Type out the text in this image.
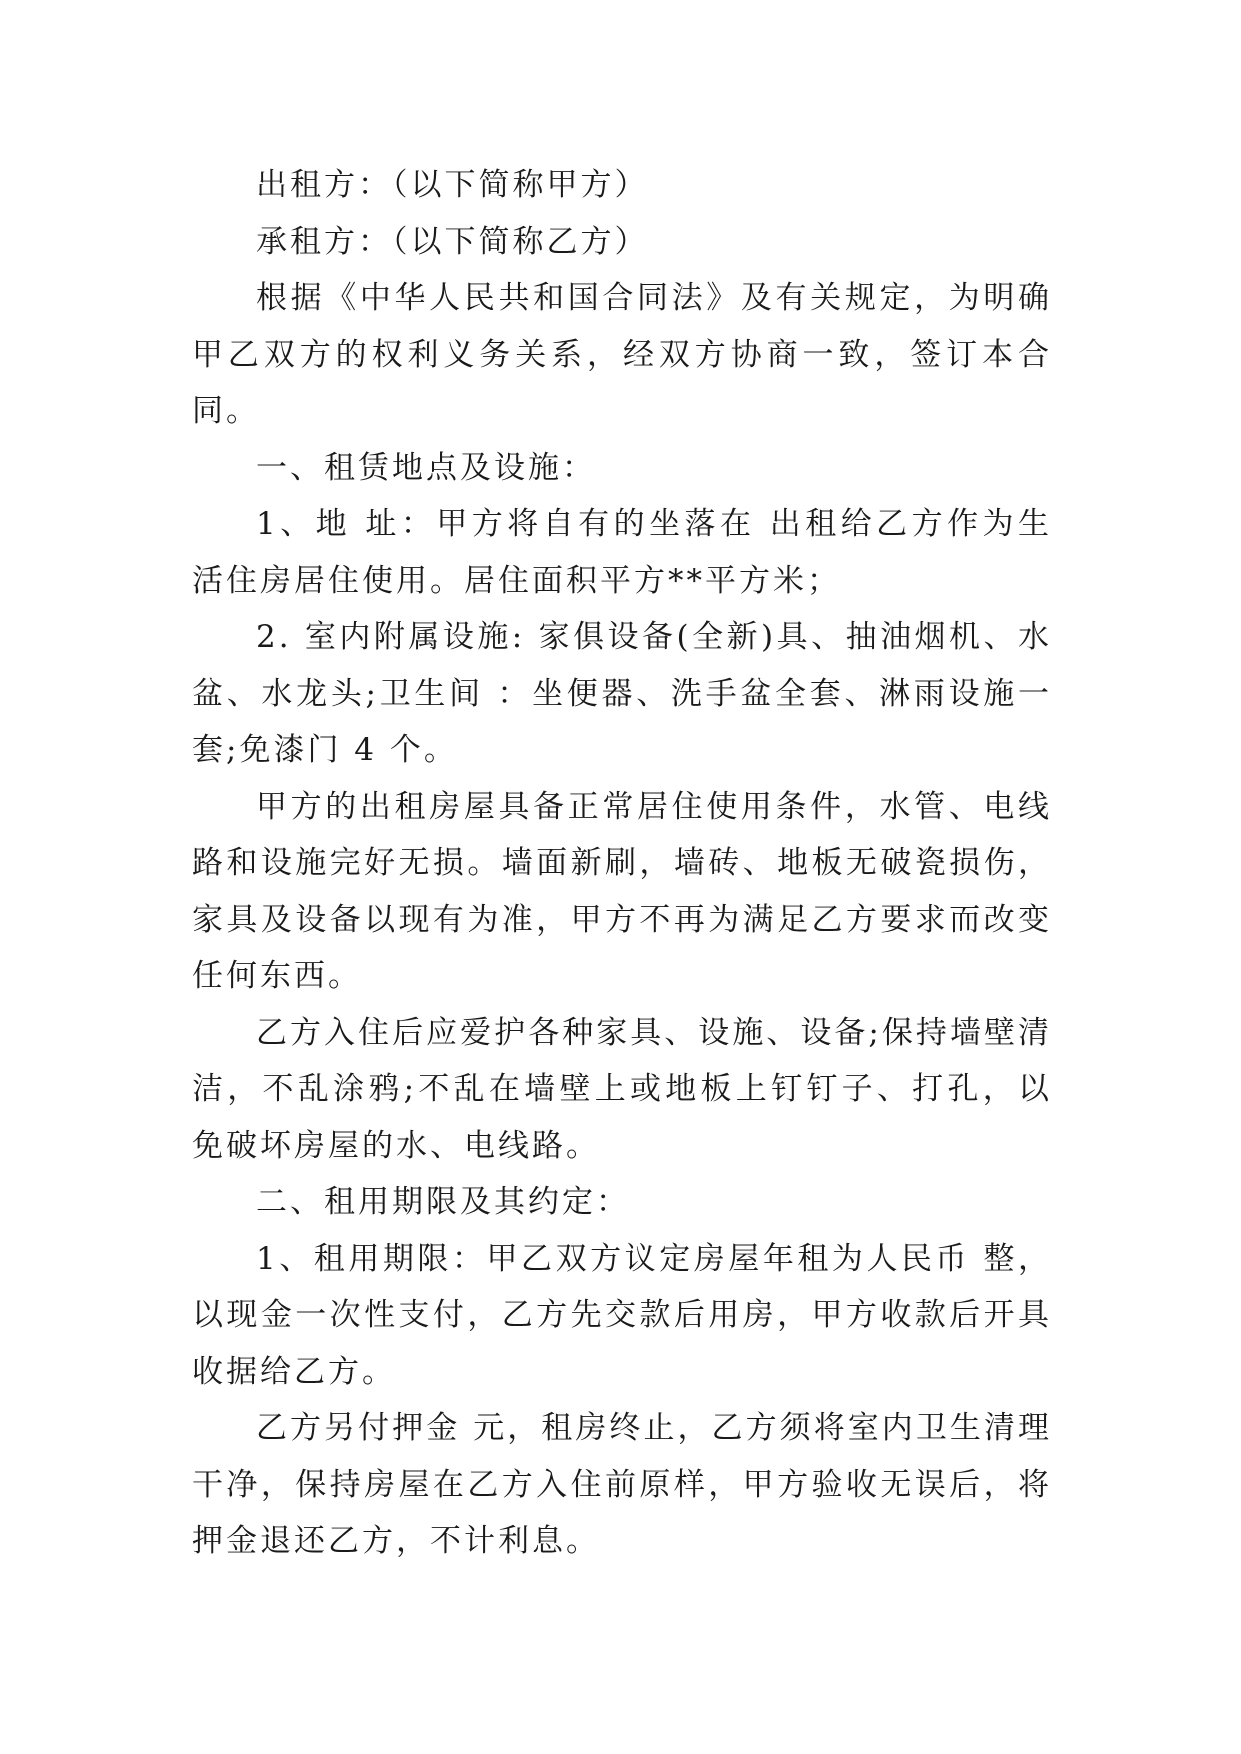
出租方：（以下简称甲方）

承租方：（以下简称乙方）

根据《中华人民共和国合同法》及有关规定，为明确甲乙双方的权利义务关系，经双方协商一致，签订本合同。

一、租赁地点及设施：

1、地 址：甲方将自有的坐落在 出租给乙方作为生活住房居住使用。居住面积平方**平方米；

2. 室内附属设施: 家俱设备(全新)具、抽油烟机、水盆、水龙头;卫生间 ：坐便器、洗手盆全套、淋雨设施一套;免漆门 4 个。

甲方的出租房屋具备正常居住使用条件，水管、电线路和设施完好无损。墙面新刷，墙砖、地板无破瓷损伤，家具及设备以现有为准，甲方不再为满足乙方要求而改变任何东西。

乙方入住后应爱护各种家具、设施、设备;保持墙壁清洁，不乱涂鸦;不乱在墙壁上或地板上钉钉子、打孔，以免破坏房屋的水、电线路。

二、租用期限及其约定：

1、租用期限：甲乙双方议定房屋年租为人民币 整，以现金一次性支付，乙方先交款后用房，甲方收款后开具收据给乙方。

乙方另付押金 元，租房终止，乙方须将室内卫生清理干净，保持房屋在乙方入住前原样，甲方验收无误后，将押金退还乙方，不计利息。
